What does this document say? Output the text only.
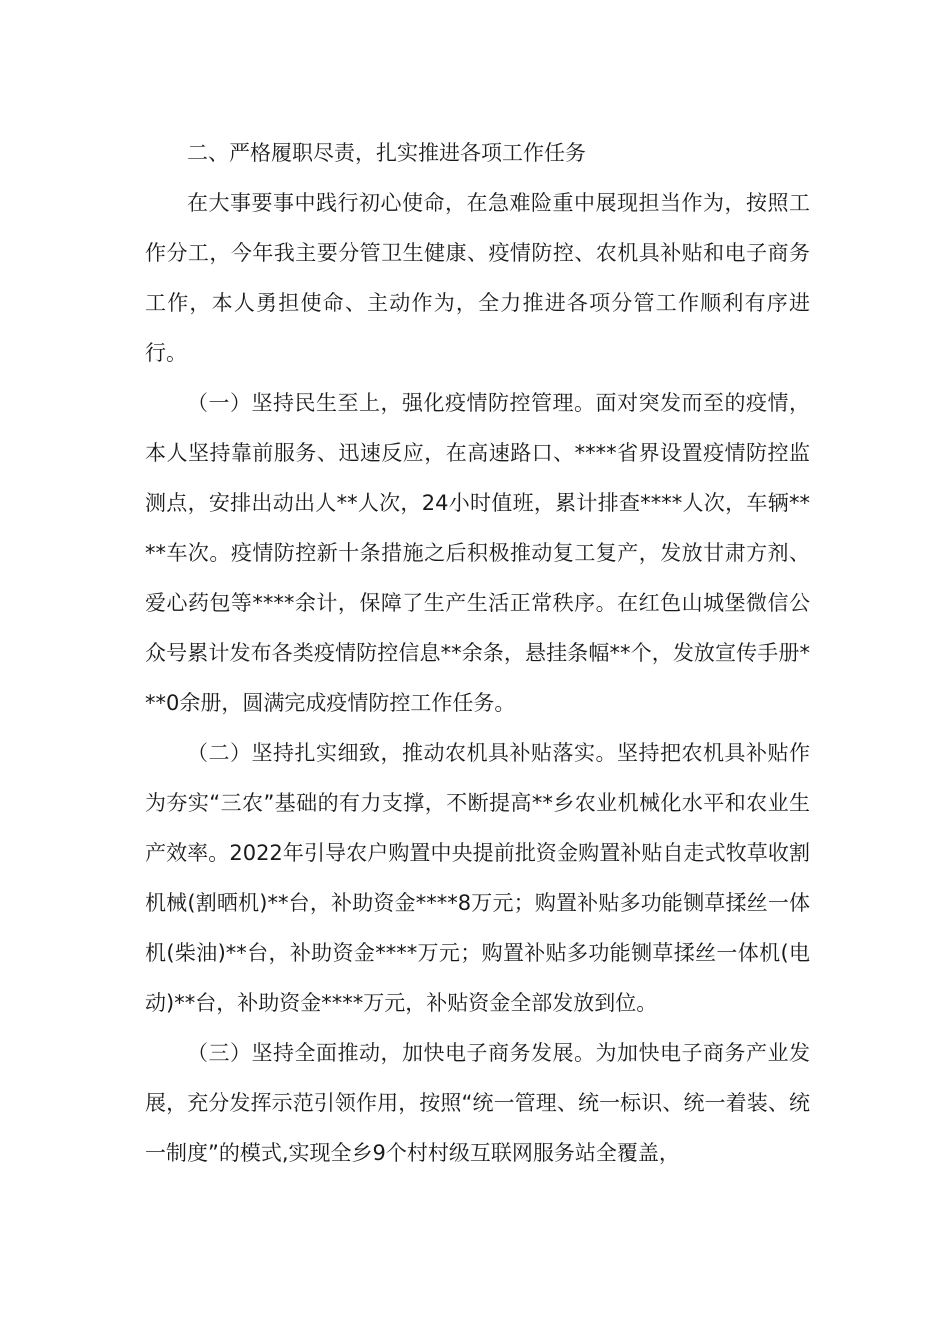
二、严格履职尽责，扎实推进各项工作任务

在大事要事中践行初心使命，在急难险重中展现担当作为，按照工作分工，今年我主要分管卫生健康、疫情防控、农机具补贴和电子商务工作，本人勇担使命、主动作为，全力推进各项分管工作顺利有序进行。

（一）坚持民生至上，强化疫情防控管理。面对突发而至的疫情，本人坚持靠前服务、迅速反应，在高速路口、****省界设置疫情防控监测点，安排出动出人**人次，24小时值班，累计排查****人次，车辆****车次。疫情防控新十条措施之后积极推动复工复产，发放甘肃方剂、爱心药包等****余计，保障了生产生活正常秩序。在红色山城堡微信公众号累计发布各类疫情防控信息**余条，悬挂条幅**个，发放宣传手册***0余册，圆满完成疫情防控工作任务。

（二）坚持扎实细致，推动农机具补贴落实。坚持把农机具补贴作为夯实“三农”基础的有力支撑，不断提高**乡农业机械化水平和农业生产效率。2022年引导农户购置中央提前批资金购置补贴自走式牧草收割机械(割晒机)**台，补助资金****8万元；购置补贴多功能铡草揉丝一体机(柴油)**台，补助资金****万元；购置补贴多功能铡草揉丝一体机(电动)**台，补助资金****万元，补贴资金全部发放到位。

（三）坚持全面推动，加快电子商务发展。为加快电子商务产业发展，充分发挥示范引领作用，按照“统一管理、统一标识、统一着装、统一制度”的模式,实现全乡9个村村级互联网服务站全覆盖，
